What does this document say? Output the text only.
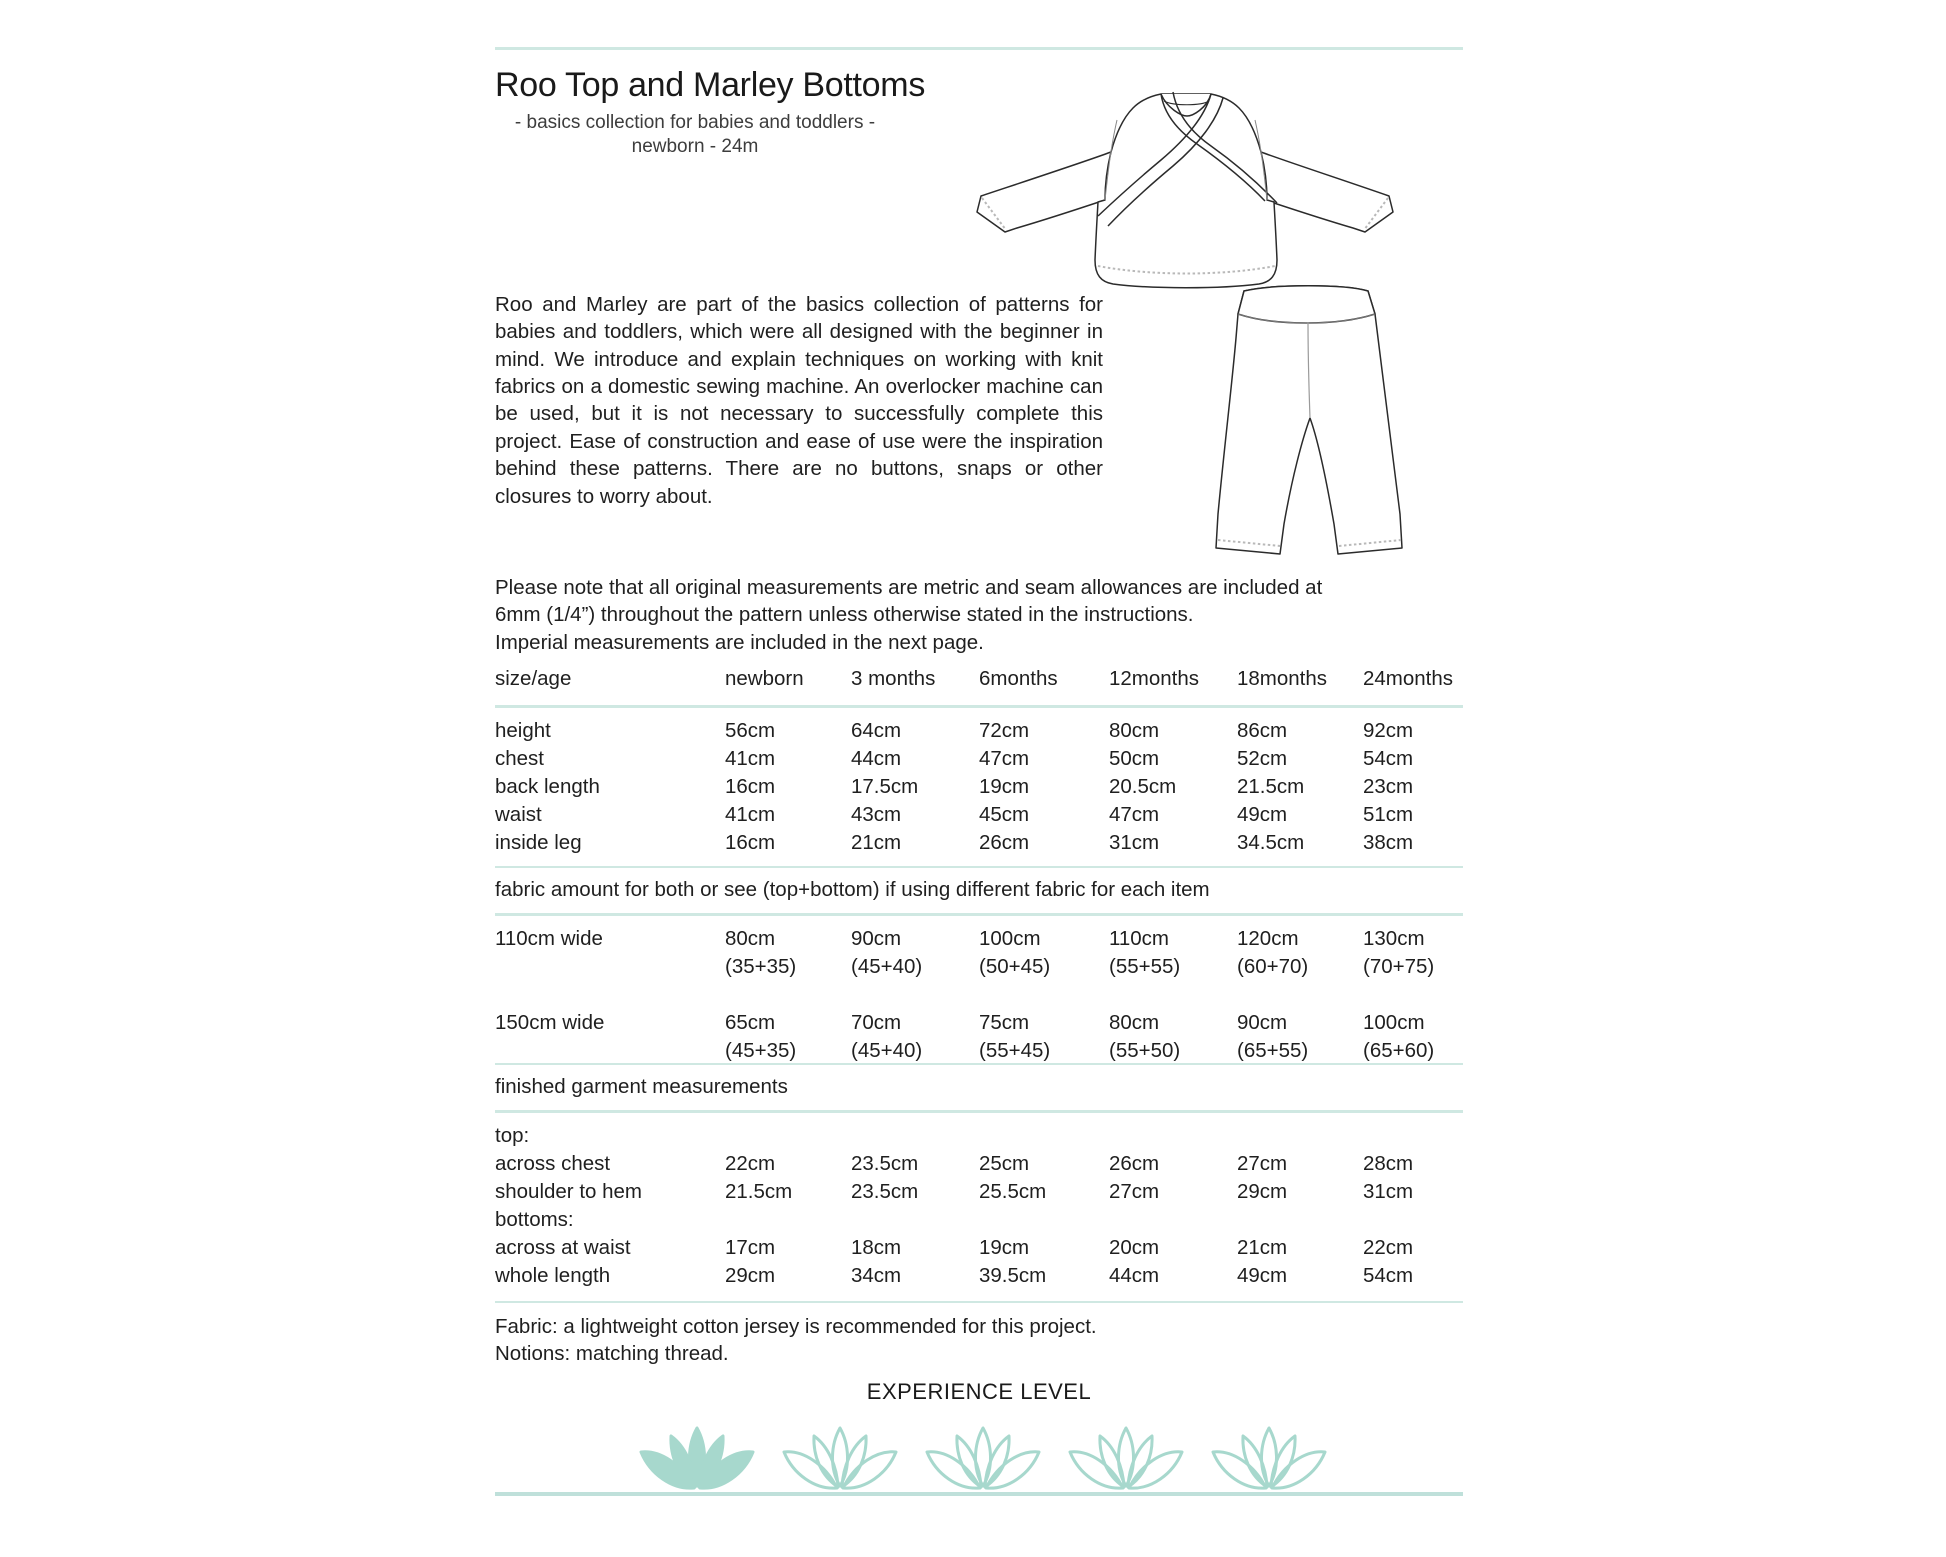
Roo Top and Marley Bottoms

- basics collection for babies and toddlers -

newborn - 24m

Roo and Marley are part of the basics collection of patterns for babies and toddlers, which were all designed with the beginner in mind. We introduce and explain techniques on working with knit fabrics on a domestic sewing machine. An overlocker machine can be used, but it is not necessary to successfully complete this project. Ease of construction and ease of use were the inspiration behind these patterns. There are no buttons, snaps or other closures to worry about.
Please note that all original measurements are metric and seam allowances are included at
6mm (1/4”) throughout the pattern unless otherwise stated in the instructions.
Imperial measurements are included in the next page.
size/age	newborn	3 months	6months	12months	18months	24months
height	56cm	64cm	72cm	80cm	86cm	92cm
chest	41cm	44cm	47cm	50cm	52cm	54cm
back length	16cm	17.5cm	19cm	20.5cm	21.5cm	23cm
waist	41cm	43cm	45cm	47cm	49cm	51cm
inside leg	16cm	21cm	26cm	31cm	34.5cm	38cm
fabric amount for both or see (top+bottom) if using different fabric for each item
110cm wide	80cm	90cm	100cm	110cm	120cm	130cm
	(35+35)	(45+40)	(50+45)	(55+55)	(60+70)	(70+75)

150cm wide	65cm	70cm	75cm	80cm	90cm	100cm
	(45+35)	(45+40)	(55+45)	(55+50)	(65+55)	(65+60)
finished garment measurements
top:						
across chest	22cm	23.5cm	25cm	26cm	27cm	28cm
shoulder to hem	21.5cm	23.5cm	25.5cm	27cm	29cm	31cm
bottoms:						
across at waist	17cm	18cm	19cm	20cm	21cm	22cm
whole length	29cm	34cm	39.5cm	44cm	49cm	54cm
Fabric: a lightweight cotton jersey is recommended for this project.
Notions: matching thread.
EXPERIENCE LEVEL
